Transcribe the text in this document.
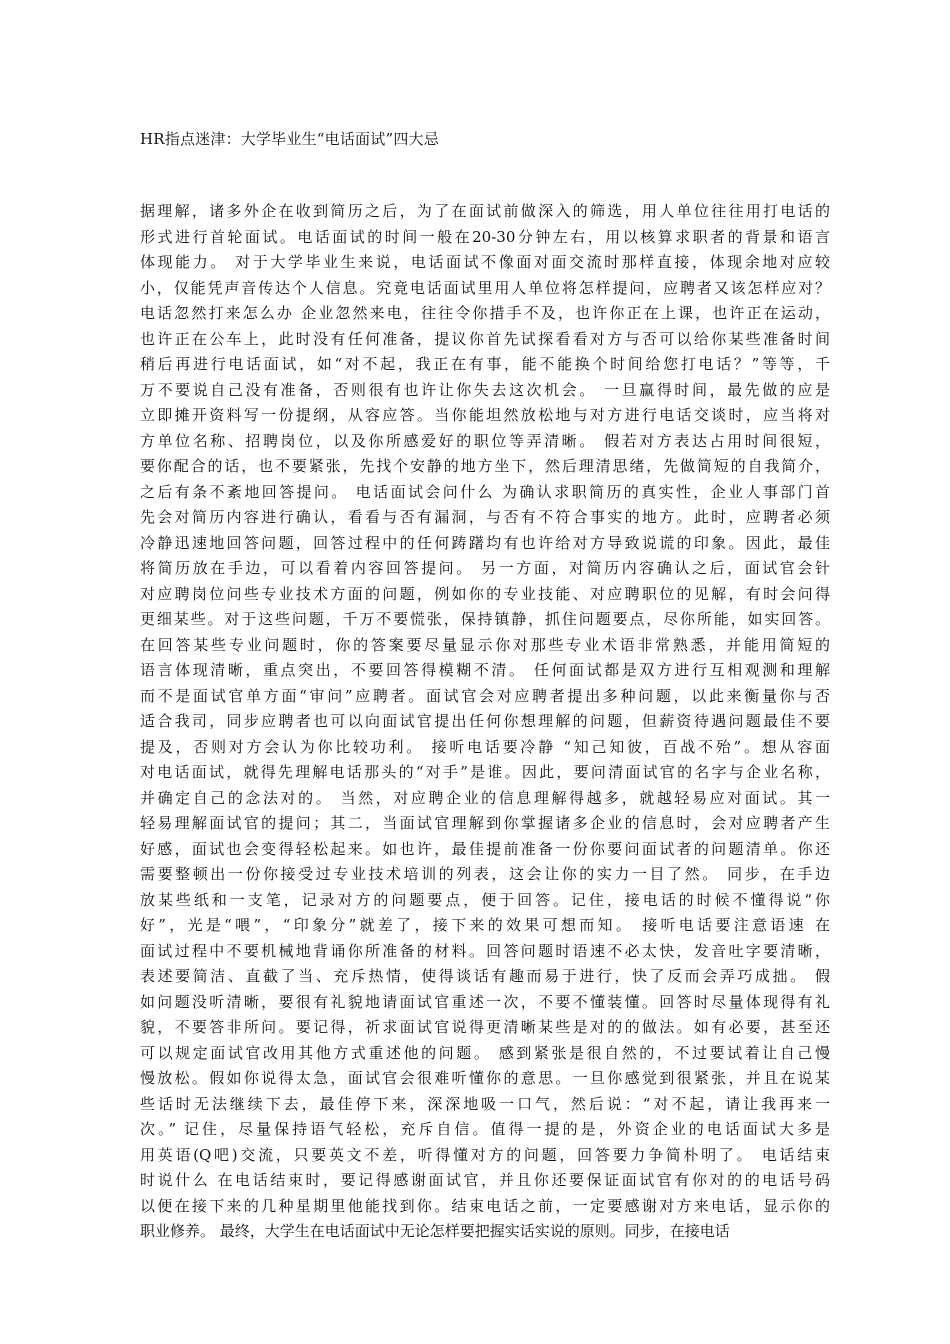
HR指点迷津：大学毕业生“电话面试”四大忌
据理解，诸多外企在收到简历之后，为了在面试前做深入的筛选，用人单位往往用打电话的
形式进行首轮面试。电话面试的时间一般在20-30分钟左右，用以核算求职者的背景和语言
体现能力。 对于大学毕业生来说，电话面试不像面对面交流时那样直接，体现余地对应较
小，仅能凭声音传达个人信息。究竟电话面试里用人单位将怎样提问，应聘者又该怎样应对？
电话忽然打来怎么办 企业忽然来电，往往令你措手不及，也许你正在上课，也许正在运动，
也许正在公车上，此时没有任何准备，提议你首先试探看看对方与否可以给你某些准备时间
稍后再进行电话面试，如“对不起，我正在有事，能不能换个时间给您打电话？”等等，千
万不要说自己没有准备，否则很有也许让你失去这次机会。 一旦赢得时间，最先做的应是
立即摊开资料写一份提纲，从容应答。当你能坦然放松地与对方进行电话交谈时，应当将对
方单位名称、招聘岗位，以及你所感爱好的职位等弄清晰。 假若对方表达占用时间很短，
要你配合的话，也不要紧张，先找个安静的地方坐下，然后理清思绪，先做简短的自我简介，
之后有条不紊地回答提问。 电话面试会问什么 为确认求职简历的真实性，企业人事部门首
先会对简历内容进行确认，看看与否有漏洞，与否有不符合事实的地方。此时，应聘者必须
冷静迅速地回答问题，回答过程中的任何踌躇均有也许给对方导致说谎的印象。因此，最佳
将简历放在手边，可以看着内容回答提问。 另一方面，对简历内容确认之后，面试官会针
对应聘岗位问些专业技术方面的问题，例如你的专业技能、对应聘职位的见解，有时会问得
更细某些。对于这些问题，千万不要慌张，保持镇静，抓住问题要点，尽你所能，如实回答。
在回答某些专业问题时，你的答案要尽量显示你对那些专业术语非常熟悉，并能用简短的
语言体现清晰，重点突出，不要回答得模糊不清。 任何面试都是双方进行互相观测和理解
而不是面试官单方面“审问”应聘者。面试官会对应聘者提出多种问题，以此来衡量你与否
适合我司，同步应聘者也可以向面试官提出任何你想理解的问题，但薪资待遇问题最佳不要
提及，否则对方会认为你比较功利。 接听电话要冷静 “知己知彼，百战不殆”。想从容面
对电话面试，就得先理解电话那头的“对手”是谁。因此，要问清面试官的名字与企业名称，
并确定自己的念法对的。 当然，对应聘企业的信息理解得越多，就越轻易应对面试。其一
轻易理解面试官的提问；其二，当面试官理解到你掌握诸多企业的信息时，会对应聘者产生
好感，面试也会变得轻松起来。如也许，最佳提前准备一份你要问面试者的问题清单。你还
需要整顿出一份你接受过专业技术培训的列表，这会让你的实力一目了然。 同步，在手边
放某些纸和一支笔，记录对方的问题要点，便于回答。记住，接电话的时候不懂得说“你
好”，光是“喂”，“印象分”就差了，接下来的效果可想而知。 接听电话要注意语速 在
面试过程中不要机械地背诵你所准备的材料。回答问题时语速不必太快，发音吐字要清晰，
表述要简洁、直截了当、充斥热情，使得谈话有趣而易于进行，快了反而会弄巧成拙。 假
如问题没听清晰，要很有礼貌地请面试官重述一次，不要不懂装懂。回答时尽量体现得有礼
貌，不要答非所问。要记得，祈求面试官说得更清晰某些是对的的做法。如有必要，甚至还
可以规定面试官改用其他方式重述他的问题。 感到紧张是很自然的，不过要试着让自己慢
慢放松。假如你说得太急，面试官会很难听懂你的意思。一旦你感觉到很紧张，并且在说某
些话时无法继续下去，最佳停下来，深深地吸一口气，然后说：“对不起，请让我再来一
次。” 记住，尽量保持语气轻松，充斥自信。值得一提的是，外资企业的电话面试大多是
用英语(Q吧)交流，只要英文不差，听得懂对方的问题，回答要力争简朴明了。 电话结束
时说什么 在电话结束时，要记得感谢面试官，并且你还要保证面试官有你对的的电话号码
以便在接下来的几种星期里他能找到你。结束电话之前，一定要感谢对方来电话，显示你的
职业修养。 最终，大学生在电话面试中无论怎样要把握实话实说的原则。同步，在接电话
